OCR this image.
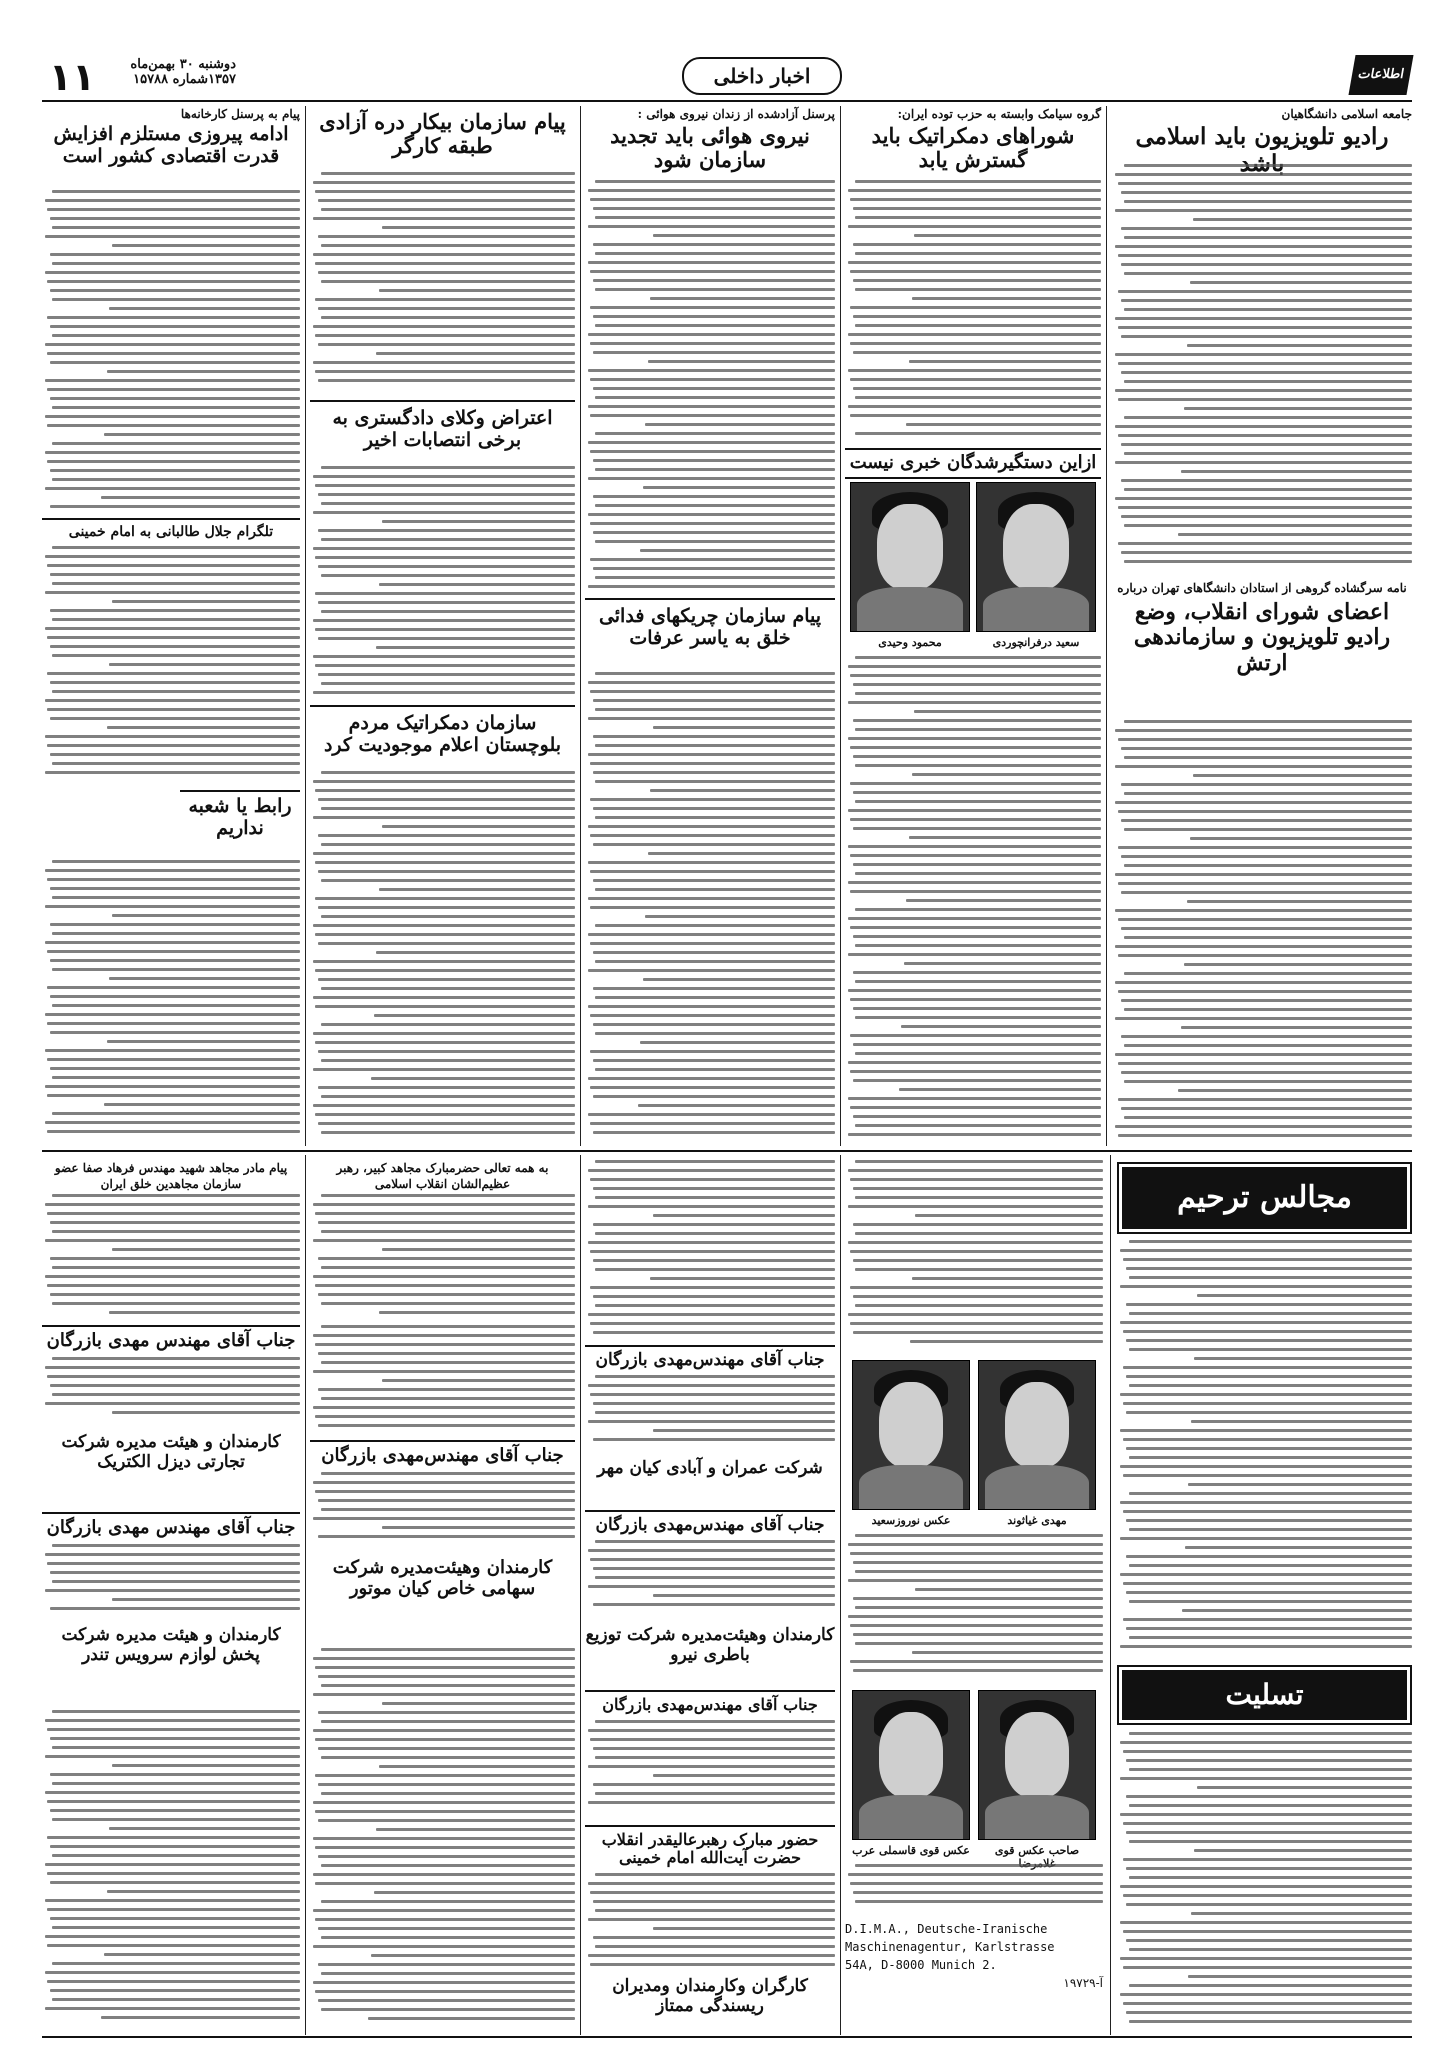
۱۱	دوشنبه ۳۰ بهمن‌ماه
۱۳۵۷شماره ۱۵۷۸۸	اخبار داخلی	اطلاعات
جامعه اسلامی دانشگاهیان
رادیو تلویزیون باید اسلامی
نامه سرگشاده گروهی از استادان دانشگاهای تهران درباره
اعضای شورای انقلاب، وضع رادیو تلویزیون و سازماندهی ارتش
گروه سیامک وابسته به حزب توده ایران:
شوراهای دمکراتیک باید گسترش یابد
ازاین دستگیرشدگان خبری نیست
سعید درفرانچوردی
محمود وحیدی
پرسنل آزادشده از زندان نیروی هوائی :
نیروی هوائی باید تجدید سازمان شود
پیام سازمان چریکهای فدائی خلق به یاسر عرفات
پیام سازمان بیکار دره آزادی طبقه کارگر
اعتراض وکلای دادگستری به برخی انتصابات اخیر
سازمان دمکراتیک مردم بلوچستان اعلام موجودیت کرد
پیام به پرسنل کارخانه‌ها
ادامه پیروزی مستلزم افزایش قدرت اقتصادی کشور است
تلگرام جلال طالبانی به امام خمینی
رابط یا شعبه نداریم
مجالس ترحیم
تسلیت
مهدی غیاثوند
عکس نوروزسعید
صاحب عکس قوی
عکس قوی قاسملی عرب
D.I.M.A., Deutsche-Iranische
Maschinenagentur, Karlstrasse
54A, D-8000 Munich 2.
۱۹۷۲۹-آ
جناب آقای مهندس‌مهدی بازرگان
شرکت عمران و آبادی کیان مهر
جناب آقای مهندس‌مهدی بازرگان
کارمندان وهیئت‌مدیره شرکت توزیع باطری نیرو
جناب آقای مهندس‌مهدی بازرگان
حضور مبارک رهبرعالیقدر انقلاب حضرت آیت‌الله امام خمینی
کارگران وکارمندان ومدیران ریسندگی ممتاز
به همه تعالی حضرمبارک مجاهد کبیر، رهبر عظیم‌الشان انقلاب اسلامی
جناب آقای مهندس‌مهدی بازرگان
کارمندان وهیئت‌مدیره شرکت سهامی خاص کیان موتور
پیام مادر مجاهد شهید مهندس فرهاد صفا عضو سازمان مجاهدین خلق ایران
جناب آقای مهندس مهدی بازرگان
کارمندان و هیئت مدیره شرکت تجارتی دیزل الکتریک
جناب آقای مهندس مهدی بازرگان
کارمندان و هیئت مدیره شرکت پخش لوازم سرویس تندر
